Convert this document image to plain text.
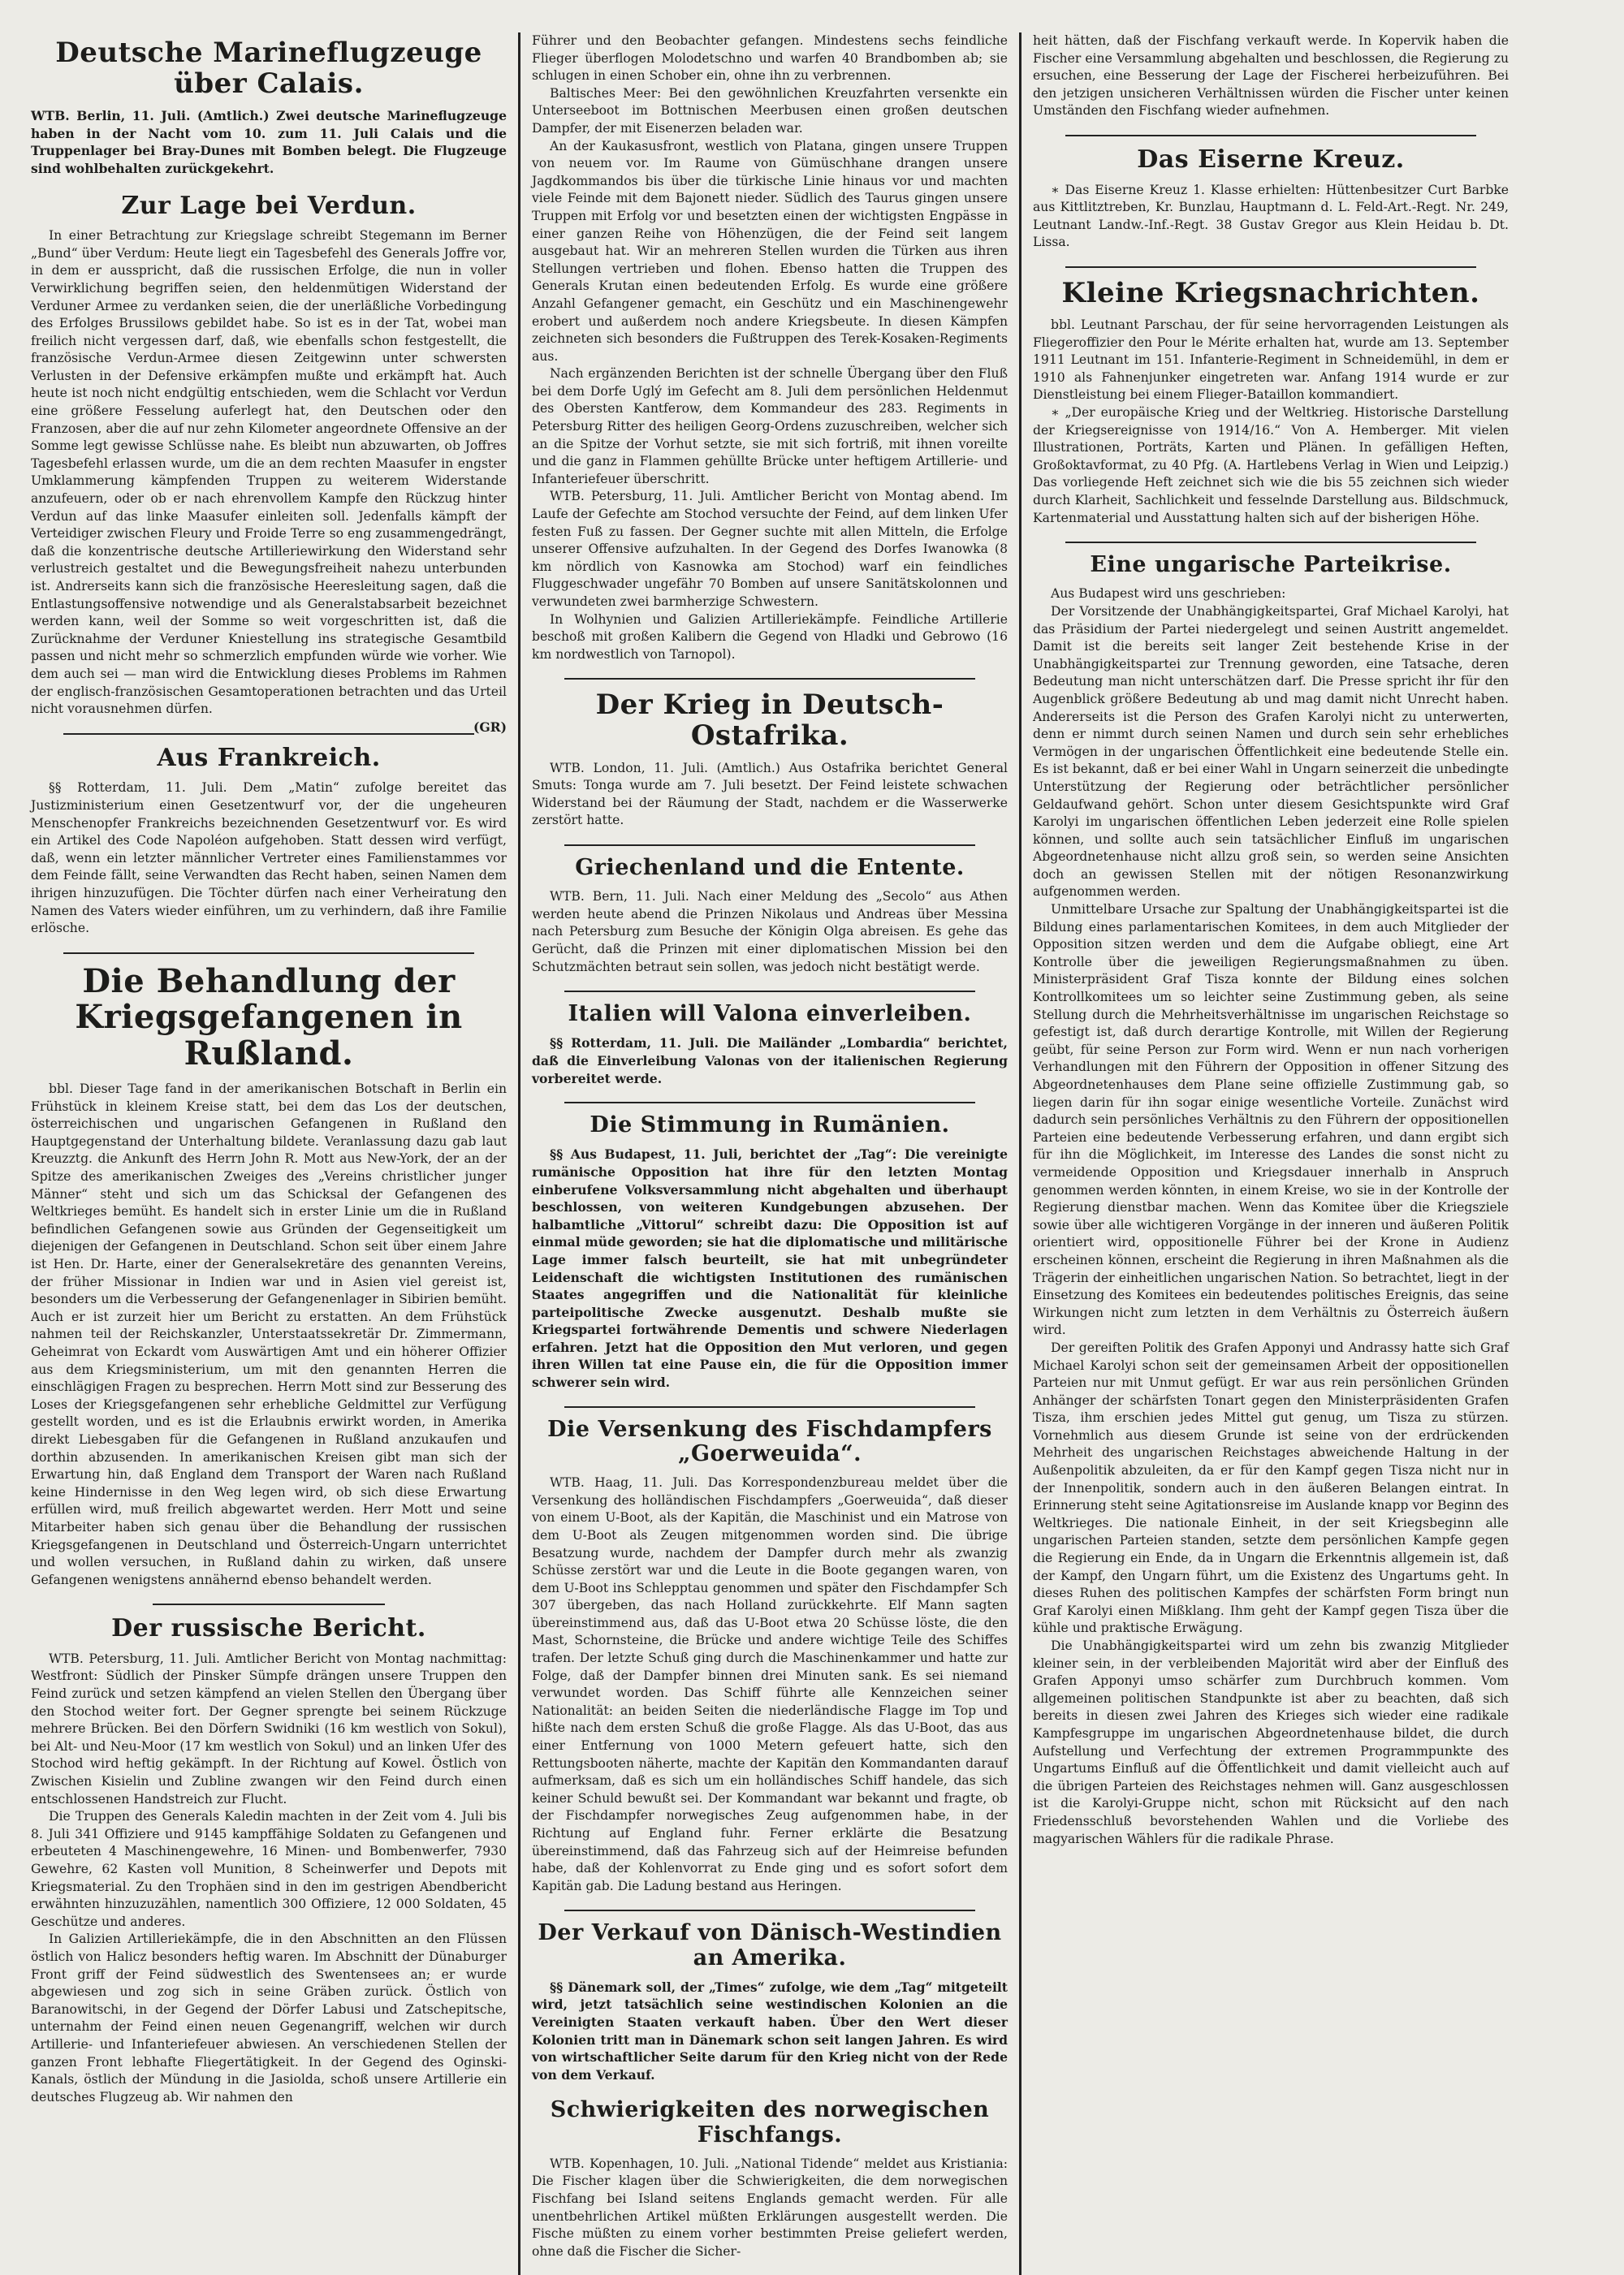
Deutsche Marineflugzeuge über Calais.

WTB. Berlin, 11. Juli. (Amtlich.) Zwei deutsche Marineflugzeuge haben in der Nacht vom 10. zum 11. Juli Calais und die Truppenlager bei Bray-Dunes mit Bomben belegt. Die Flugzeuge sind wohlbehalten zurückgekehrt.

Zur Lage bei Verdun.

In einer Betrachtung zur Kriegslage schreibt Stegemann im Berner „Bund“ über Verdum: Heute liegt ein Tagesbefehl des Generals Joffre vor, in dem er ausspricht, daß die russischen Erfolge, die nun in voller Verwirklichung begriffen seien, den heldenmütigen Widerstand der Verduner Armee zu verdanken seien, die der unerläßliche Vorbedingung des Erfolges Brussilows gebildet habe. So ist es in der Tat, wobei man freilich nicht vergessen darf, daß, wie ebenfalls schon festgestellt, die französische Verdun-Armee diesen Zeitgewinn unter schwersten Verlusten in der Defensive erkämpfen mußte und erkämpft hat. Auch heute ist noch nicht endgültig entschieden, wem die Schlacht vor Verdun eine größere Fesselung auferlegt hat, den Deutschen oder den Franzosen, aber die auf nur zehn Kilometer angeordnete Offensive an der Somme legt gewisse Schlüsse nahe. Es bleibt nun abzuwarten, ob Joffres Tagesbefehl erlassen wurde, um die an dem rechten Maasufer in engster Umklammerung kämpfenden Truppen zu weiterem Widerstande anzufeuern, oder ob er nach ehrenvollem Kampfe den Rückzug hinter Verdun auf das linke Maasufer einleiten soll. Jedenfalls kämpft der Verteidiger zwischen Fleury und Froide Terre so eng zusammengedrängt, daß die konzentrische deutsche Artilleriewirkung den Widerstand sehr verlustreich gestaltet und die Bewegungsfreiheit nahezu unterbunden ist. Andrerseits kann sich die französische Heeresleitung sagen, daß die Entlastungsoffensive notwendige und als Generalstabsarbeit bezeichnet werden kann, weil der Somme so weit vorgeschritten ist, daß die Zurücknahme der Verduner Kniestellung ins strategische Gesamtbild passen und nicht mehr so schmerzlich empfunden würde wie vorher. Wie dem auch sei — man wird die Entwicklung dieses Problems im Rahmen der englisch-französischen Gesamtoperationen betrachten und das Urteil nicht vorausnehmen dürfen.

(GR)

Aus Frankreich.

§§ Rotterdam, 11. Juli. Dem „Matin“ zufolge bereitet das Justizministerium einen Gesetzentwurf vor, der die ungeheuren Menschenopfer Frankreichs bezeichnenden Gesetzentwurf vor. Es wird ein Artikel des Code Napoléon aufgehoben. Statt dessen wird verfügt, daß, wenn ein letzter männlicher Vertreter eines Familienstammes vor dem Feinde fällt, seine Verwandten das Recht haben, seinen Namen dem ihrigen hinzuzufügen. Die Töchter dürfen nach einer Verheiratung den Namen des Vaters wieder einführen, um zu verhindern, daß ihre Familie erlösche.

Die Behandlung der Kriegsgefangenen in Rußland.

bbl. Dieser Tage fand in der amerikanischen Botschaft in Berlin ein Frühstück in kleinem Kreise statt, bei dem das Los der deutschen, österreichischen und ungarischen Gefangenen in Rußland den Hauptgegenstand der Unterhaltung bildete. Veranlassung dazu gab laut Kreuzztg. die Ankunft des Herrn John R. Mott aus New-York, der an der Spitze des amerikanischen Zweiges des „Vereins christlicher junger Männer“ steht und sich um das Schicksal der Gefangenen des Weltkrieges bemüht. Es handelt sich in erster Linie um die in Rußland befindlichen Gefangenen sowie aus Gründen der Gegenseitigkeit um diejenigen der Gefangenen in Deutschland. Schon seit über einem Jahre ist Hen. Dr. Harte, einer der Generalsekretäre des genannten Vereins, der früher Missionar in Indien war und in Asien viel gereist ist, besonders um die Verbesserung der Gefangenenlager in Sibirien bemüht. Auch er ist zurzeit hier um Bericht zu erstatten. An dem Frühstück nahmen teil der Reichskanzler, Unterstaatssekretär Dr. Zimmermann, Geheimrat von Eckardt vom Auswärtigen Amt und ein höherer Offizier aus dem Kriegsministerium, um mit den genannten Herren die einschlägigen Fragen zu besprechen. Herrn Mott sind zur Besserung des Loses der Kriegsgefangenen sehr erhebliche Geldmittel zur Verfügung gestellt worden, und es ist die Erlaubnis erwirkt worden, in Amerika direkt Liebesgaben für die Gefangenen in Rußland anzukaufen und dorthin abzusenden. In amerikanischen Kreisen gibt man sich der Erwartung hin, daß England dem Transport der Waren nach Rußland keine Hindernisse in den Weg legen wird, ob sich diese Erwartung erfüllen wird, muß freilich abgewartet werden. Herr Mott und seine Mitarbeiter haben sich genau über die Behandlung der russischen Kriegsgefangenen in Deutschland und Österreich-Ungarn unterrichtet und wollen versuchen, in Rußland dahin zu wirken, daß unsere Gefangenen wenigstens annähernd ebenso behandelt werden.

Der russische Bericht.

WTB. Petersburg, 11. Juli. Amtlicher Bericht von Montag nachmittag: Westfront: Südlich der Pinsker Sümpfe drängen unsere Truppen den Feind zurück und setzen kämpfend an vielen Stellen den Übergang über den Stochod weiter fort. Der Gegner sprengte bei seinem Rückzuge mehrere Brücken. Bei den Dörfern Swidniki (16 km westlich von Sokul), bei Alt- und Neu-Moor (17 km westlich von Sokul) und an linken Ufer des Stochod wird heftig gekämpft. In der Richtung auf Kowel. Östlich von Zwischen Kisielin und Zubline zwangen wir den Feind durch einen entschlossenen Handstreich zur Flucht.

Die Truppen des Generals Kaledin machten in der Zeit vom 4. Juli bis 8. Juli 341 Offiziere und 9145 kampffähige Soldaten zu Gefangenen und erbeuteten 4 Maschinengewehre, 16 Minen- und Bombenwerfer, 7930 Gewehre, 62 Kasten voll Munition, 8 Scheinwerfer und Depots mit Kriegsmaterial. Zu den Trophäen sind in den im gestrigen Abendbericht erwähnten hinzuzuzählen, namentlich 300 Offiziere, 12 000 Soldaten, 45 Geschütze und anderes.

In Galizien Artilleriekämpfe, die in den Abschnitten an den Flüssen östlich von Halicz besonders heftig waren. Im Abschnitt der Dünaburger Front griff der Feind südwestlich des Swentensees an; er wurde abgewiesen und zog sich in seine Gräben zurück. Östlich von Baranowitschi, in der Gegend der Dörfer Labusi und Zatschepitsche, unternahm der Feind einen neuen Gegenangriff, welchen wir durch Artillerie- und Infanteriefeuer abwiesen. An verschiedenen Stellen der ganzen Front lebhafte Fliegertätigkeit. In der Gegend des Oginski-Kanals, östlich der Mündung in die Jasiolda, schoß unsere Artillerie ein deutsches Flugzeug ab. Wir nahmen den

Führer und den Beobachter gefangen. Mindestens sechs feindliche Flieger überflogen Molodetschno und warfen 40 Brandbomben ab; sie schlugen in einen Schober ein, ohne ihn zu verbrennen.

Baltisches Meer: Bei den gewöhnlichen Kreuzfahrten versenkte ein Unterseeboot im Bottnischen Meerbusen einen großen deutschen Dampfer, der mit Eisenerzen beladen war.

An der Kaukasusfront, westlich von Platana, gingen unsere Truppen von neuem vor. Im Raume von Gümüschhane drangen unsere Jagdkommandos bis über die türkische Linie hinaus vor und machten viele Feinde mit dem Bajonett nieder. Südlich des Taurus gingen unsere Truppen mit Erfolg vor und besetzten einen der wichtigsten Engpässe in einer ganzen Reihe von Höhenzügen, die der Feind seit langem ausgebaut hat. Wir an mehreren Stellen wurden die Türken aus ihren Stellungen vertrieben und flohen. Ebenso hatten die Truppen des Generals Krutan einen bedeutenden Erfolg. Es wurde eine größere Anzahl Gefangener gemacht, ein Geschütz und ein Maschinengewehr erobert und außerdem noch andere Kriegsbeute. In diesen Kämpfen zeichneten sich besonders die Fußtruppen des Terek-Kosaken-Regiments aus.

Nach ergänzenden Berichten ist der schnelle Übergang über den Fluß bei dem Dorfe Uglý im Gefecht am 8. Juli dem persönlichen Heldenmut des Obersten Kantferow, dem Kommandeur des 283. Regiments in Petersburg Ritter des heiligen Georg-Ordens zuzuschreiben, welcher sich an die Spitze der Vorhut setzte, sie mit sich fortriß, mit ihnen voreilte und die ganz in Flammen gehüllte Brücke unter heftigem Artillerie- und Infanteriefeuer überschritt.

WTB. Petersburg, 11. Juli. Amtlicher Bericht von Montag abend. Im Laufe der Gefechte am Stochod versuchte der Feind, auf dem linken Ufer festen Fuß zu fassen. Der Gegner suchte mit allen Mitteln, die Erfolge unserer Offensive aufzuhalten. In der Gegend des Dorfes Iwanowka (8 km nördlich von Kasnowka am Stochod) warf ein feindliches Fluggeschwader ungefähr 70 Bomben auf unsere Sanitätskolonnen und verwundeten zwei barmherzige Schwestern.

In Wolhynien und Galizien Artilleriekämpfe. Feindliche Artillerie beschoß mit großen Kalibern die Gegend von Hladki und Gebrowo (16 km nordwestlich von Tarnopol).

Der Krieg in Deutsch-Ostafrika.

WTB. London, 11. Juli. (Amtlich.) Aus Ostafrika berichtet General Smuts: Tonga wurde am 7. Juli besetzt. Der Feind leistete schwachen Widerstand bei der Räumung der Stadt, nachdem er die Wasserwerke zerstört hatte.

Griechenland und die Entente.

WTB. Bern, 11. Juli. Nach einer Meldung des „Secolo“ aus Athen werden heute abend die Prinzen Nikolaus und Andreas über Messina nach Petersburg zum Besuche der Königin Olga abreisen. Es gehe das Gerücht, daß die Prinzen mit einer diplomatischen Mission bei den Schutzmächten betraut sein sollen, was jedoch nicht bestätigt werde.

Italien will Valona einverleiben.

§§ Rotterdam, 11. Juli. Die Mailänder „Lombardia“ berichtet, daß die Einverleibung Valonas von der italienischen Regierung vorbereitet werde.

Die Stimmung in Rumänien.

§§ Aus Budapest, 11. Juli, berichtet der „Tag“: Die vereinigte rumänische Opposition hat ihre für den letzten Montag einberufene Volksversammlung nicht abgehalten und überhaupt beschlossen, von weiteren Kundgebungen abzusehen. Der halbamtliche „Vittorul“ schreibt dazu: Die Opposition ist auf einmal müde geworden; sie hat die diplomatische und militärische Lage immer falsch beurteilt, sie hat mit unbegründeter Leidenschaft die wichtigsten Institutionen des rumänischen Staates angegriffen und die Nationalität für kleinliche parteipolitische Zwecke ausgenutzt. Deshalb mußte sie Kriegspartei fortwährende Dementis und schwere Niederlagen erfahren. Jetzt hat die Opposition den Mut verloren, und gegen ihren Willen tat eine Pause ein, die für die Opposition immer schwerer sein wird.

Die Versenkung des Fischdampfers „Goerweuida“.

WTB. Haag, 11. Juli. Das Korrespondenzbureau meldet über die Versenkung des holländischen Fischdampfers „Goerweuida“, daß dieser von einem U-Boot, als der Kapitän, die Maschinist und ein Matrose von dem U-Boot als Zeugen mitgenommen worden sind. Die übrige Besatzung wurde, nachdem der Dampfer durch mehr als zwanzig Schüsse zerstört war und die Leute in die Boote gegangen waren, von dem U-Boot ins Schlepptau genommen und später den Fischdampfer Sch 307 übergeben, das nach Holland zurückkehrte. Elf Mann sagten übereinstimmend aus, daß das U-Boot etwa 20 Schüsse löste, die den Mast, Schornsteine, die Brücke und andere wichtige Teile des Schiffes trafen. Der letzte Schuß ging durch die Maschinenkammer und hatte zur Folge, daß der Dampfer binnen drei Minuten sank. Es sei niemand verwundet worden. Das Schiff führte alle Kennzeichen seiner Nationalität: an beiden Seiten die niederländische Flagge im Top und hißte nach dem ersten Schuß die große Flagge. Als das U-Boot, das aus einer Entfernung von 1000 Metern gefeuert hatte, sich den Rettungsbooten näherte, machte der Kapitän den Kommandanten darauf aufmerksam, daß es sich um ein holländisches Schiff handele, das sich keiner Schuld bewußt sei. Der Kommandant war bekannt und fragte, ob der Fischdampfer norwegisches Zeug aufgenommen habe, in der Richtung auf England fuhr. Ferner erklärte die Besatzung übereinstimmend, daß das Fahrzeug sich auf der Heimreise befunden habe, daß der Kohlenvorrat zu Ende ging und es sofort sofort dem Kapitän gab. Die Ladung bestand aus Heringen.

Der Verkauf von Dänisch-Westindien an Amerika.

§§ Dänemark soll, der „Times“ zufolge, wie dem „Tag“ mitgeteilt wird, jetzt tatsächlich seine westindischen Kolonien an die Vereinigten Staaten verkauft haben. Über den Wert dieser Kolonien tritt man in Dänemark schon seit langen Jahren. Es wird von wirtschaftlicher Seite darum für den Krieg nicht von der Rede von dem Verkauf.

Schwierigkeiten des norwegischen Fischfangs.

WTB. Kopenhagen, 10. Juli. „National Tidende“ meldet aus Kristiania: Die Fischer klagen über die Schwierigkeiten, die dem norwegischen Fischfang bei Island seitens Englands gemacht werden. Für alle unentbehrlichen Artikel müßten Erklärungen ausgestellt werden. Die Fische müßten zu einem vorher bestimmten Preise geliefert werden, ohne daß die Fischer die Sicher-

heit hätten, daß der Fischfang verkauft werde. In Kopervik haben die Fischer eine Versammlung abgehalten und beschlossen, die Regierung zu ersuchen, eine Besserung der Lage der Fischerei herbeizuführen. Bei den jetzigen unsicheren Verhältnissen würden die Fischer unter keinen Umständen den Fischfang wieder aufnehmen.

Das Eiserne Kreuz.

∗ Das Eiserne Kreuz 1. Klasse erhielten: Hüttenbesitzer Curt Barbke aus Kittlitztreben, Kr. Bunzlau, Hauptmann d. L. Feld-Art.-Regt. Nr. 249, Leutnant Landw.-Inf.-Regt. 38 Gustav Gregor aus Klein Heidau b. Dt. Lissa.

Kleine Kriegsnachrichten.

bbl. Leutnant Parschau, der für seine hervorragenden Leistungen als Fliegeroffizier den Pour le Mérite erhalten hat, wurde am 13. September 1911 Leutnant im 151. Infanterie-Regiment in Schneidemühl, in dem er 1910 als Fahnenjunker eingetreten war. Anfang 1914 wurde er zur Dienstleistung bei einem Flieger-Bataillon kommandiert.

∗ „Der europäische Krieg und der Weltkrieg. Historische Darstellung der Kriegsereignisse von 1914/16.“ Von A. Hemberger. Mit vielen Illustrationen, Porträts, Karten und Plänen. In gefälligen Heften, Großoktavformat, zu 40 Pfg. (A. Hartlebens Verlag in Wien und Leipzig.) Das vorliegende Heft zeichnet sich wie die bis 55 zeichnen sich wieder durch Klarheit, Sachlichkeit und fesselnde Darstellung aus. Bildschmuck, Kartenmaterial und Ausstattung halten sich auf der bisherigen Höhe.

Eine ungarische Parteikrise.

Aus Budapest wird uns geschrieben:

Der Vorsitzende der Unabhängigkeitspartei, Graf Michael Karolyi, hat das Präsidium der Partei niedergelegt und seinen Austritt angemeldet. Damit ist die bereits seit langer Zeit bestehende Krise in der Unabhängigkeitspartei zur Trennung geworden, eine Tatsache, deren Bedeutung man nicht unterschätzen darf. Die Presse spricht ihr für den Augenblick größere Bedeutung ab und mag damit nicht Unrecht haben. Andererseits ist die Person des Grafen Karolyi nicht zu unterwerten, denn er nimmt durch seinen Namen und durch sein sehr erhebliches Vermögen in der ungarischen Öffentlichkeit eine bedeutende Stelle ein. Es ist bekannt, daß er bei einer Wahl in Ungarn seinerzeit die unbedingte Unterstützung der Regierung oder beträchtlicher persönlicher Geldaufwand gehört. Schon unter diesem Gesichtspunkte wird Graf Karolyi im ungarischen öffentlichen Leben jederzeit eine Rolle spielen können, und sollte auch sein tatsächlicher Einfluß im ungarischen Abgeordnetenhause nicht allzu groß sein, so werden seine Ansichten doch an gewissen Stellen mit der nötigen Resonanzwirkung aufgenommen werden.

Unmittelbare Ursache zur Spaltung der Unabhängigkeitspartei ist die Bildung eines parlamentarischen Komitees, in dem auch Mitglieder der Opposition sitzen werden und dem die Aufgabe obliegt, eine Art Kontrolle über die jeweiligen Regierungsmaßnahmen zu üben. Ministerpräsident Graf Tisza konnte der Bildung eines solchen Kontrollkomitees um so leichter seine Zustimmung geben, als seine Stellung durch die Mehrheitsverhältnisse im ungarischen Reichstage so gefestigt ist, daß durch derartige Kontrolle, mit Willen der Regierung geübt, für seine Person zur Form wird. Wenn er nun nach vorherigen Verhandlungen mit den Führern der Opposition in offener Sitzung des Abgeordnetenhauses dem Plane seine offizielle Zustimmung gab, so liegen darin für ihn sogar einige wesentliche Vorteile. Zunächst wird dadurch sein persönliches Verhältnis zu den Führern der oppositionellen Parteien eine bedeutende Verbesserung erfahren, und dann ergibt sich für ihn die Möglichkeit, im Interesse des Landes die sonst nicht zu vermeidende Opposition und Kriegsdauer innerhalb in Anspruch genommen werden könnten, in einem Kreise, wo sie in der Kontrolle der Regierung dienstbar machen. Wenn das Komitee über die Kriegsziele sowie über alle wichtigeren Vorgänge in der inneren und äußeren Politik orientiert wird, oppositionelle Führer bei der Krone in Audienz erscheinen können, erscheint die Regierung in ihren Maßnahmen als die Trägerin der einheitlichen ungarischen Nation. So betrachtet, liegt in der Einsetzung des Komitees ein bedeutendes politisches Ereignis, das seine Wirkungen nicht zum letzten in dem Verhältnis zu Österreich äußern wird.

Der gereiften Politik des Grafen Apponyi und Andrassy hatte sich Graf Michael Karolyi schon seit der gemeinsamen Arbeit der oppositionellen Parteien nur mit Unmut gefügt. Er war aus rein persönlichen Gründen Anhänger der schärfsten Tonart gegen den Ministerpräsidenten Grafen Tisza, ihm erschien jedes Mittel gut genug, um Tisza zu stürzen. Vornehmlich aus diesem Grunde ist seine von der erdrückenden Mehrheit des ungarischen Reichstages abweichende Haltung in der Außenpolitik abzuleiten, da er für den Kampf gegen Tisza nicht nur in der Innenpolitik, sondern auch in den äußeren Belangen eintrat. In Erinnerung steht seine Agitationsreise im Auslande knapp vor Beginn des Weltkrieges. Die nationale Einheit, in der seit Kriegsbeginn alle ungarischen Parteien standen, setzte dem persönlichen Kampfe gegen die Regierung ein Ende, da in Ungarn die Erkenntnis allgemein ist, daß der Kampf, den Ungarn führt, um die Existenz des Ungartums geht. In dieses Ruhen des politischen Kampfes der schärfsten Form bringt nun Graf Karolyi einen Mißklang. Ihm geht der Kampf gegen Tisza über die kühle und praktische Erwägung.

Die Unabhängigkeitspartei wird um zehn bis zwanzig Mitglieder kleiner sein, in der verbleibenden Majorität wird aber der Einfluß des Grafen Apponyi umso schärfer zum Durchbruch kommen. Vom allgemeinen politischen Standpunkte ist aber zu beachten, daß sich bereits in diesen zwei Jahren des Krieges sich wieder eine radikale Kampfesgruppe im ungarischen Abgeordnetenhause bildet, die durch Aufstellung und Verfechtung der extremen Programmpunkte des Ungartums Einfluß auf die Öffentlichkeit und damit vielleicht auch auf die übrigen Parteien des Reichstages nehmen will. Ganz ausgeschlossen ist die Karolyi-Gruppe nicht, schon mit Rücksicht auf den nach Friedensschluß bevorstehenden Wahlen und die Vorliebe des magyarischen Wählers für die radikale Phrase.
